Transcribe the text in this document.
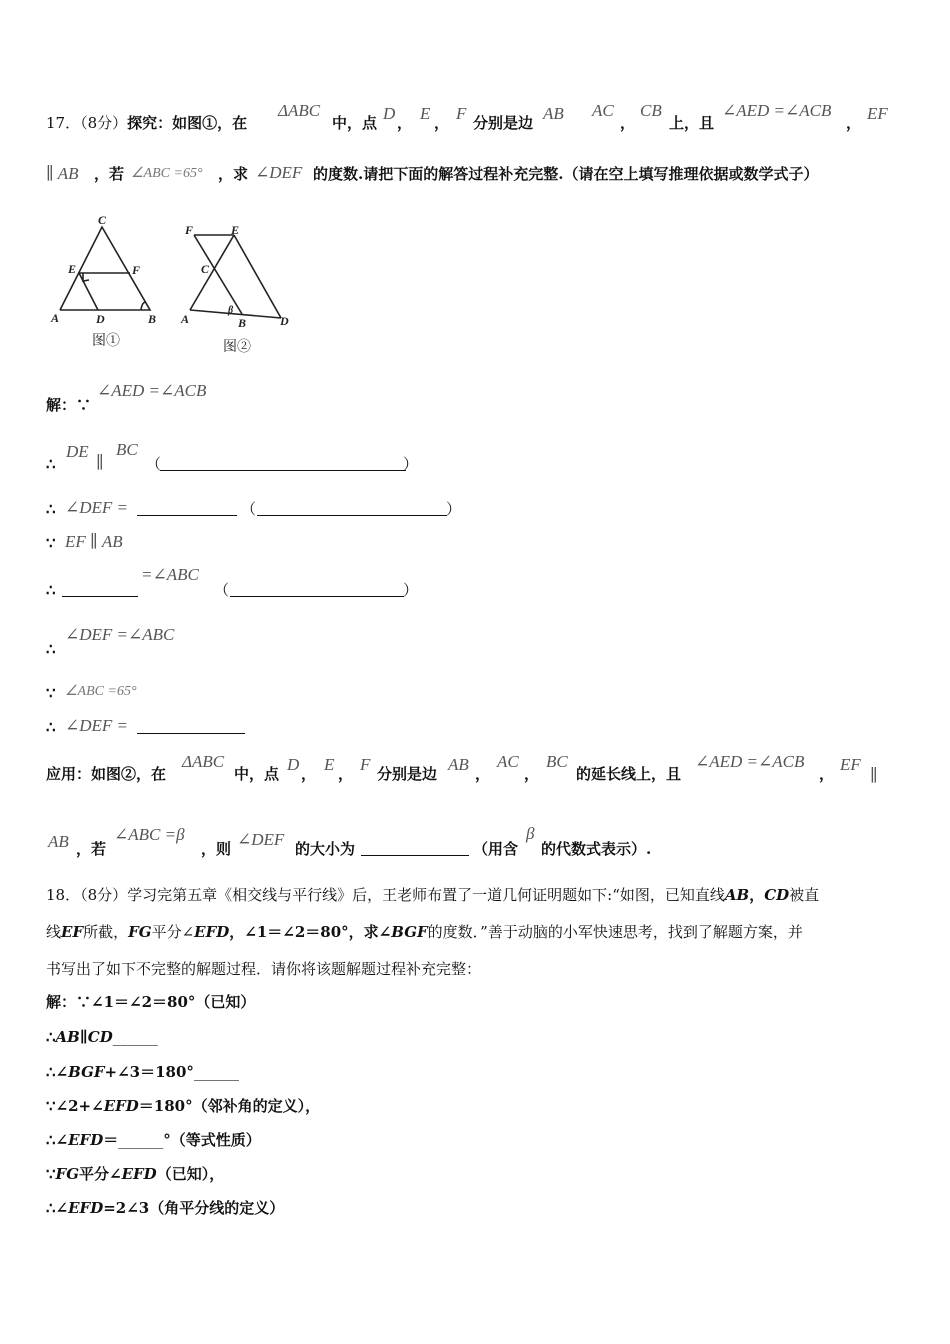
17．（8分）探究：如图①，在
ΔABC
中，点 D ， E ， F 分别是边 AB AC
，
CB
上，且
∠AED =∠ACB
， EF
∥ AB ，若 ∠ABC =65° ，求 ∠DEF 的度数.请把下面的解答过程补充完整.（请在空上填写推理依据或数学式子）
C
E	F
A	D	B
图①
F	E
C
A	B	D
β
图②
解：∵
∠AED =∠ACB
∴
DE
∥
BC
（	）
∴ ∠DEF =	（	）
∵ EF ∥ AB
∴
=∠ABC
（	）
∠DEF =∠ABC
∴
∵ ∠ABC =65°
∴ ∠DEF =
应用：如图②，在
ΔABC
中，点 D ， E ， F 分别是边 AB ，
AC
，
BC
的延长线上，且
∠AED =∠ACB
， EF
∥
AB ，若
∠ABC =β
，则 ∠DEF 的大小为	（用含
β
的代数式表示）.
18．（8分）学习完第五章《相交线与平行线》后，王老师布置了一道几何证明题如下:“如图，已知直线AB，CD被直
线EF所截，FG平分∠EFD，∠1＝∠2＝80°，求∠BGF的度数．”善于动脑的小军快速思考，找到了解题方案，并
书写出了如下不完整的解题过程．请你将该题解题过程补充完整：
解：∵∠1＝∠2＝80°（已知）
∴AB∥CD______
∴∠BGF+∠3＝180°______
∵∠2+∠EFD＝180°（邻补角的定义），
∴∠EFD＝______°（等式性质）
∵FG平分∠EFD（已知），
∴∠EFD=2∠3（角平分线的定义）
